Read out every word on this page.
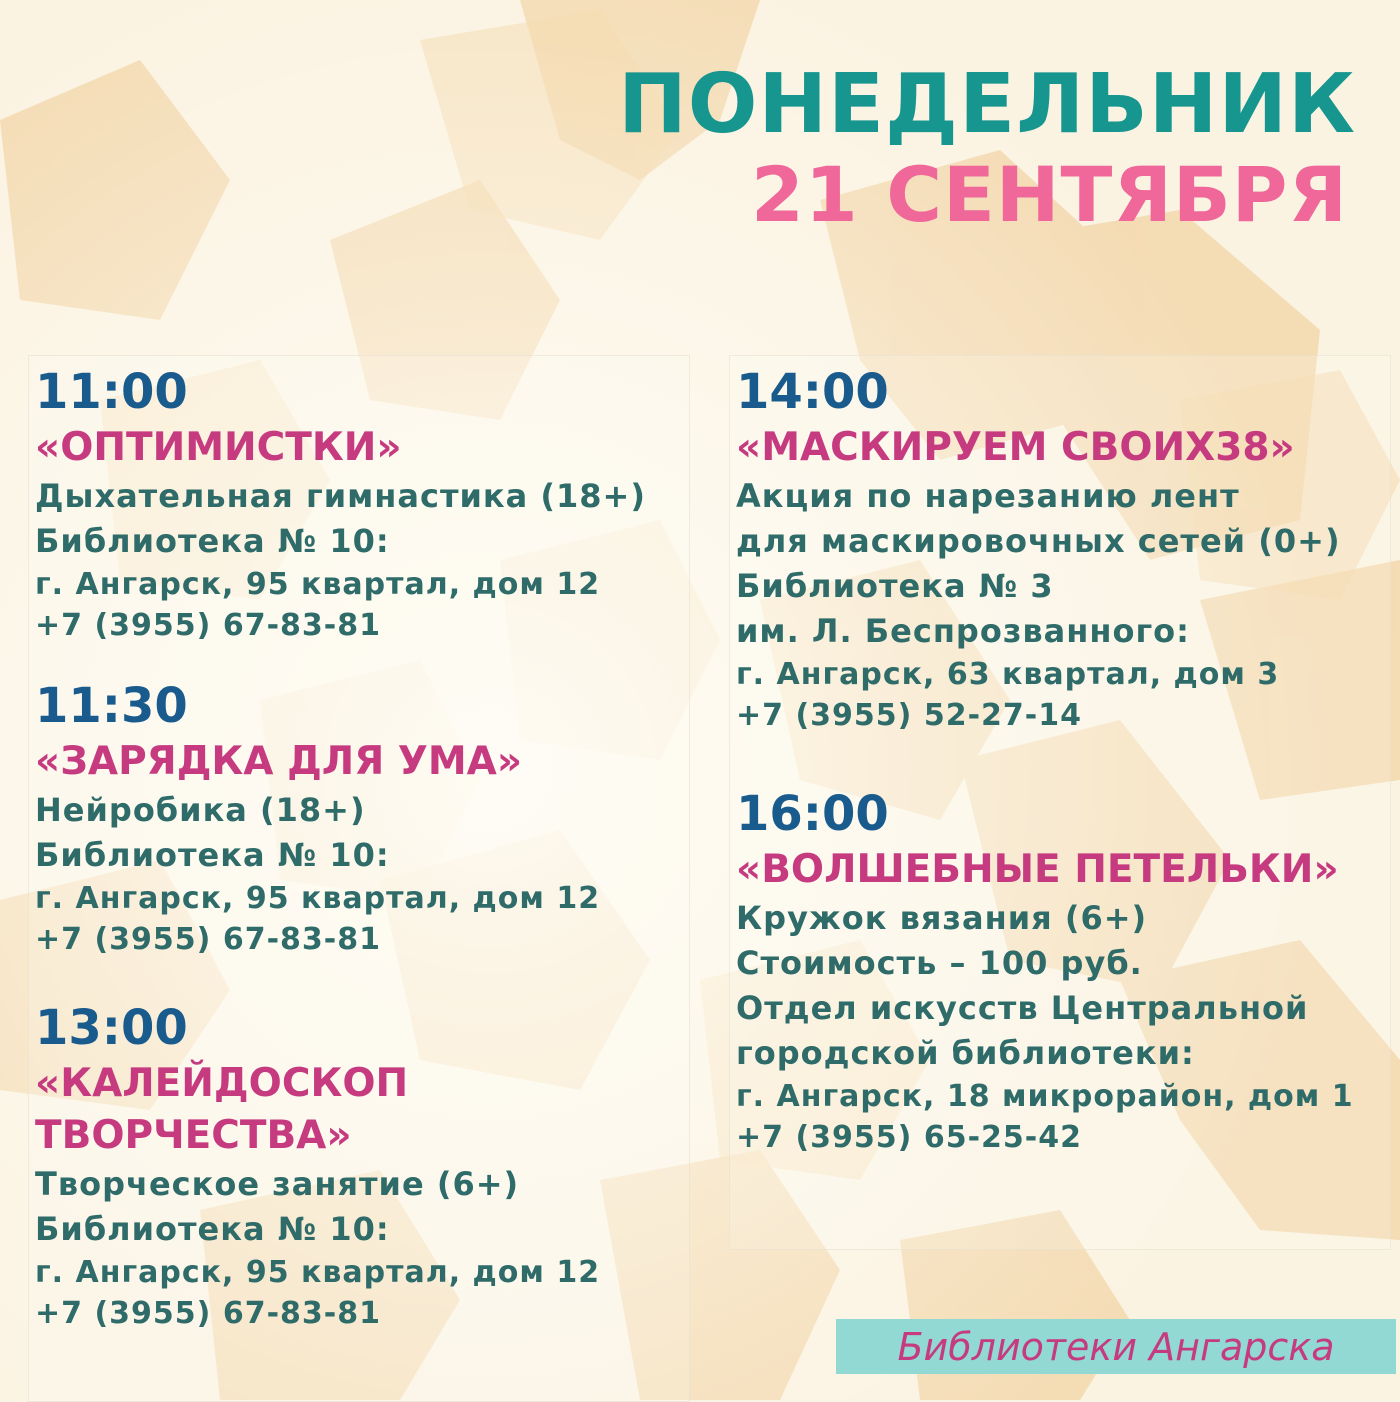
ПОНЕДЕЛЬНИК
21 СЕНТЯБРЯ
11:00
«ОПТИМИСТКИ»
Дыхательная гимнастика (18+)
Библиотека № 10:
г. Ангарск, 95 квартал, дом 12
+7 (3955) 67-83-81
11:30
«ЗАРЯДКА ДЛЯ УМА»
Нейробика (18+)
Библиотека № 10:
г. Ангарск, 95 квартал, дом 12
+7 (3955) 67-83-81
13:00
«КАЛЕЙДОСКОП
ТВОРЧЕСТВА»
Творческое занятие (6+)
Библиотека № 10:
г. Ангарск, 95 квартал, дом 12
+7 (3955) 67-83-81
14:00
«МАСКИРУЕМ СВОИХ38»
Акция по нарезанию лент
для маскировочных сетей (0+)
Библиотека № 3
им. Л. Беспрозванного:
г. Ангарск, 63 квартал, дом 3
+7 (3955) 52-27-14
16:00
«ВОЛШЕБНЫЕ ПЕТЕЛЬКИ»
Кружок вязания (6+)
Стоимость – 100 руб.
Отдел искусств Центральной
городской библиотеки:
г. Ангарск, 18 микрорайон, дом 1
+7 (3955) 65-25-42
Библиотеки Ангарска
